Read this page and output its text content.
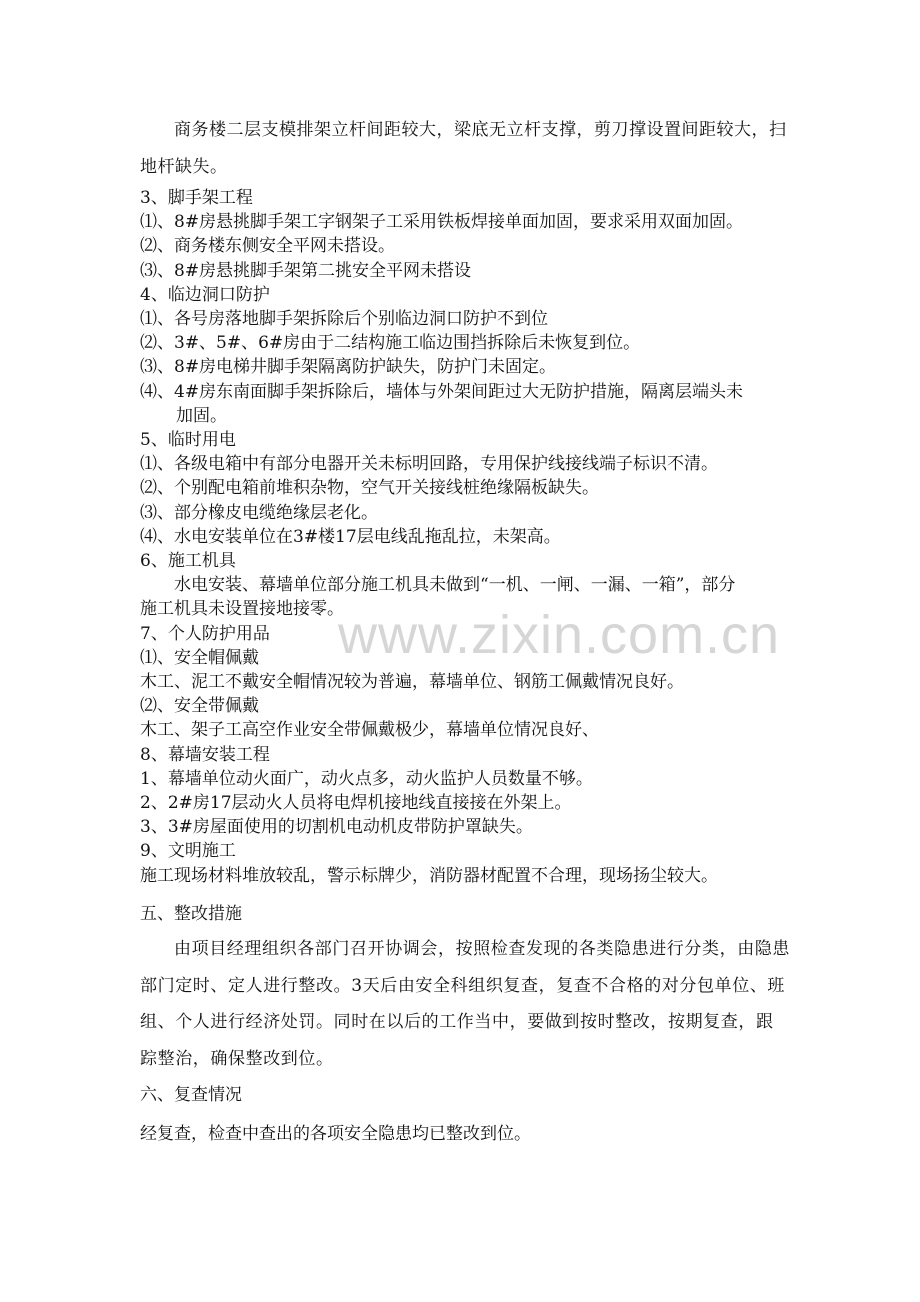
www.zixin.com.cn
商务楼二层支模排架立杆间距较大，梁底无立杆支撑，剪刀撑设置间距较大，扫地杆缺失。
3、脚手架工程
⑴、8#房悬挑脚手架工字钢架子工采用铁板焊接单面加固，要求采用双面加固。
⑵、商务楼东侧安全平网未搭设。
⑶、8#房悬挑脚手架第二挑安全平网未搭设
4、临边洞口防护
⑴、各号房落地脚手架拆除后个别临边洞口防护不到位
⑵、3#、5#、6#房由于二结构施工临边围挡拆除后未恢复到位。
⑶、8#房电梯井脚手架隔离防护缺失，防护门未固定。
⑷、4#房东南面脚手架拆除后，墙体与外架间距过大无防护措施，隔离层端头未
加固。
5、临时用电
⑴、各级电箱中有部分电器开关未标明回路，专用保护线接线端子标识不清。
⑵、个别配电箱前堆积杂物，空气开关接线桩绝缘隔板缺失。
⑶、部分橡皮电缆绝缘层老化。
⑷、水电安装单位在3#楼17层电线乱拖乱拉，未架高。
6、施工机具
水电安装、幕墙单位部分施工机具未做到“一机、一闸、一漏、一箱”，部分
施工机具未设置接地接零。
7、个人防护用品
⑴、安全帽佩戴
木工、泥工不戴安全帽情况较为普遍，幕墙单位、钢筋工佩戴情况良好。
⑵、安全带佩戴
木工、架子工高空作业安全带佩戴极少，幕墙单位情况良好、
8、幕墙安装工程
1、幕墙单位动火面广，动火点多，动火监护人员数量不够。
2、2#房17层动火人员将电焊机接地线直接接在外架上。
3、3#房屋面使用的切割机电动机皮带防护罩缺失。
9、文明施工
施工现场材料堆放较乱，警示标牌少，消防器材配置不合理，现场扬尘较大。
五、整改措施
由项目经理组织各部门召开协调会，按照检查发现的各类隐患进行分类，由隐患部门定时、定人进行整改。3天后由安全科组织复查，复查不合格的对分包单位、班组、个人进行经济处罚。同时在以后的工作当中，要做到按时整改，按期复查，跟踪整治，确保整改到位。
六、复查情况
经复查，检查中查出的各项安全隐患均已整改到位。
